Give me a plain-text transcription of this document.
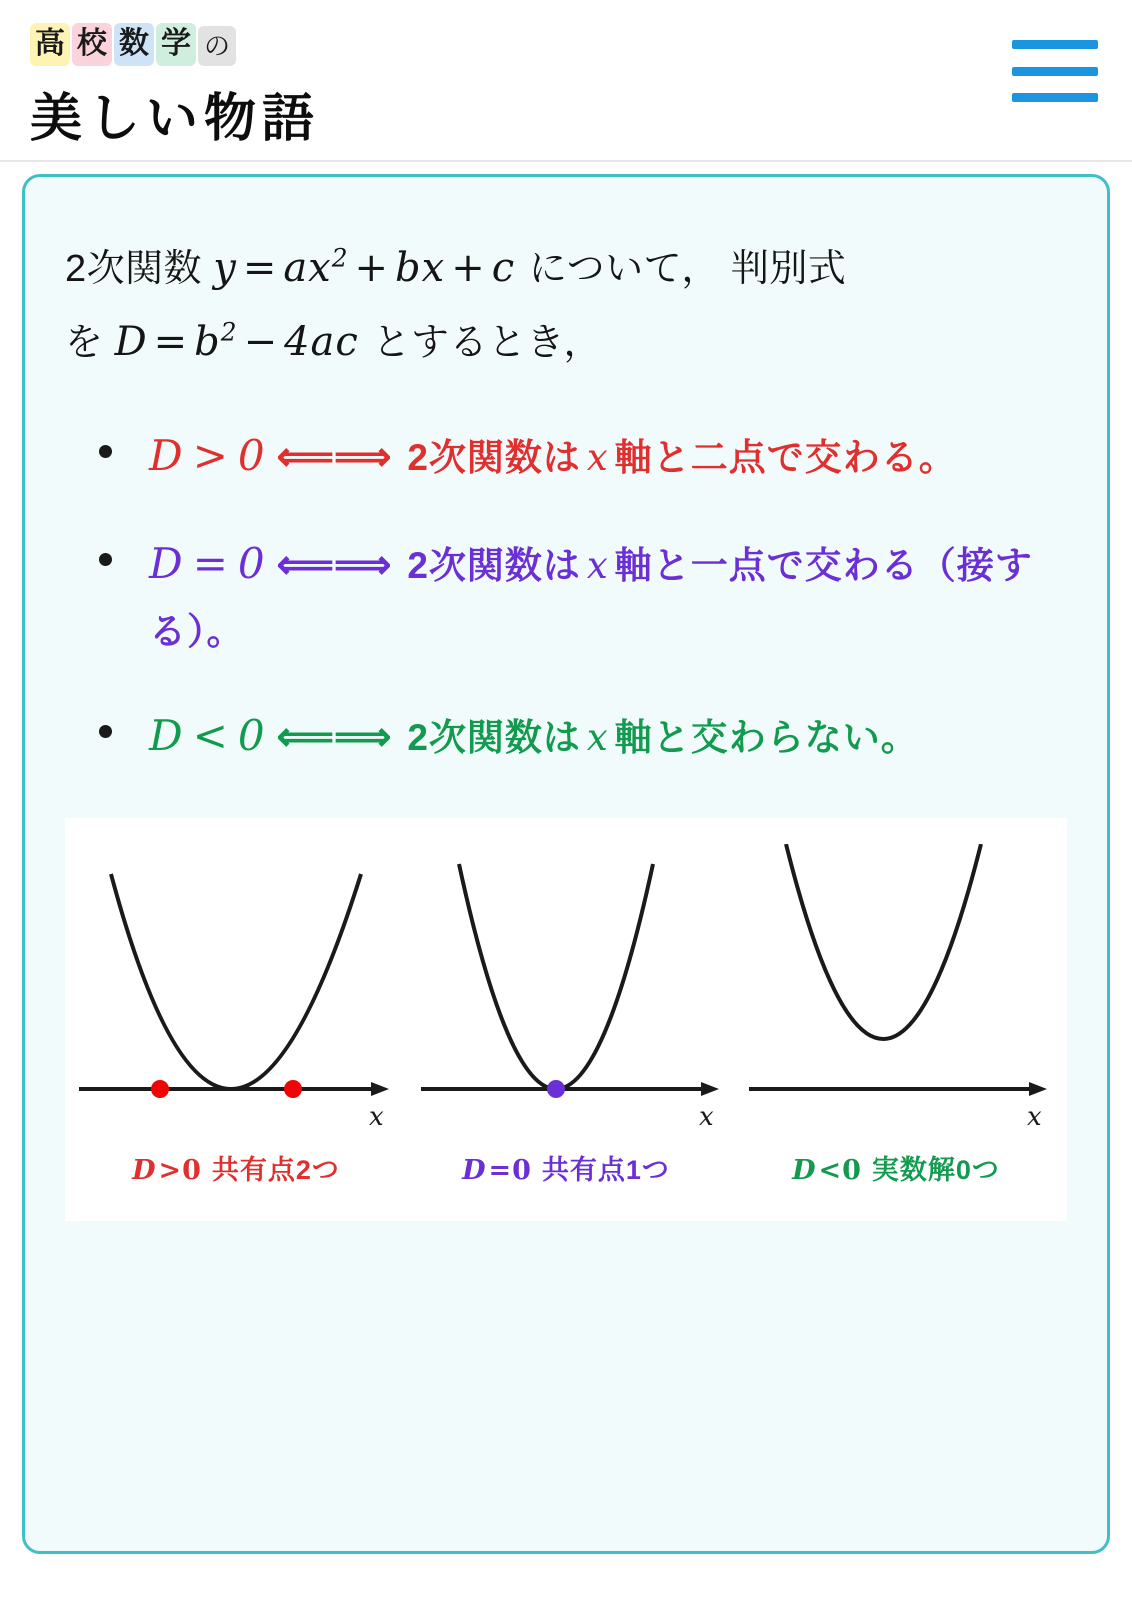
高 校 数 学 の
美しい物語
2次関数 $y = ax^2$ + bx + c について， 判別式
を $D = b^2 - 4ac$ とするとき，
D > 0 ⟸⟹ 2次関数は x 軸と二点で交わる。
D = 0 ⟸⟹ 2次関数は x 軸と一点で交わる（接する）。
D < 0 ⟸⟹ 2次関数は x 軸と交わらない。
x
D>0 共有点2つ
x
D=0 共有点1つ
x
D<0 実数解0つ
